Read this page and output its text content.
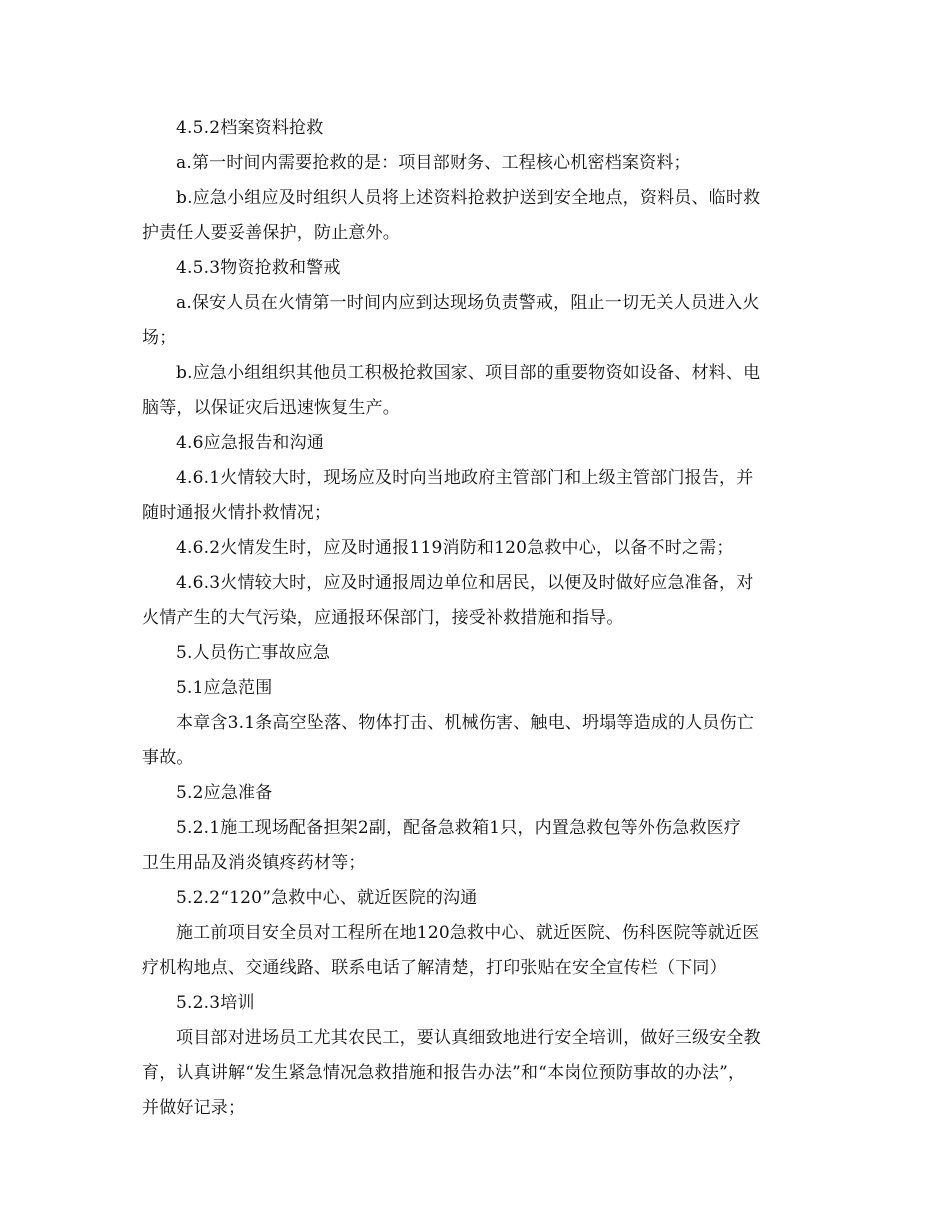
4.5.2档案资料抢救

a.第一时间内需要抢救的是：项目部财务、工程核心机密档案资料；

b.应急小组应及时组织人员将上述资料抢救护送到安全地点，资料员、临时救

护责任人要妥善保护，防止意外。

4.5.3物资抢救和警戒

a.保安人员在火情第一时间内应到达现场负责警戒，阻止一切无关人员进入火

场；

b.应急小组组织其他员工积极抢救国家、项目部的重要物资如设备、材料、电

脑等，以保证灾后迅速恢复生产。

4.6应急报告和沟通

4.6.1火情较大时，现场应及时向当地政府主管部门和上级主管部门报告，并

随时通报火情扑救情况；

4.6.2火情发生时，应及时通报119消防和120急救中心，以备不时之需；

4.6.3火情较大时，应及时通报周边单位和居民，以便及时做好应急准备，对

火情产生的大气污染，应通报环保部门，接受补救措施和指导。

5.人员伤亡事故应急

5.1应急范围

本章含3.1条高空坠落、物体打击、机械伤害、触电、坍塌等造成的人员伤亡

事故。

5.2应急准备

5.2.1施工现场配备担架2副，配备急救箱1只，内置急救包等外伤急救医疗

卫生用品及消炎镇疼药材等；

5.2.2“120”急救中心、就近医院的沟通

施工前项目安全员对工程所在地120急救中心、就近医院、伤科医院等就近医

疗机构地点、交通线路、联系电话了解清楚，打印张贴在安全宣传栏（下同）

5.2.3培训

项目部对进场员工尤其农民工，要认真细致地进行安全培训，做好三级安全教

育，认真讲解“发生紧急情况急救措施和报告办法”和“本岗位预防事故的办法”，

并做好记录；
